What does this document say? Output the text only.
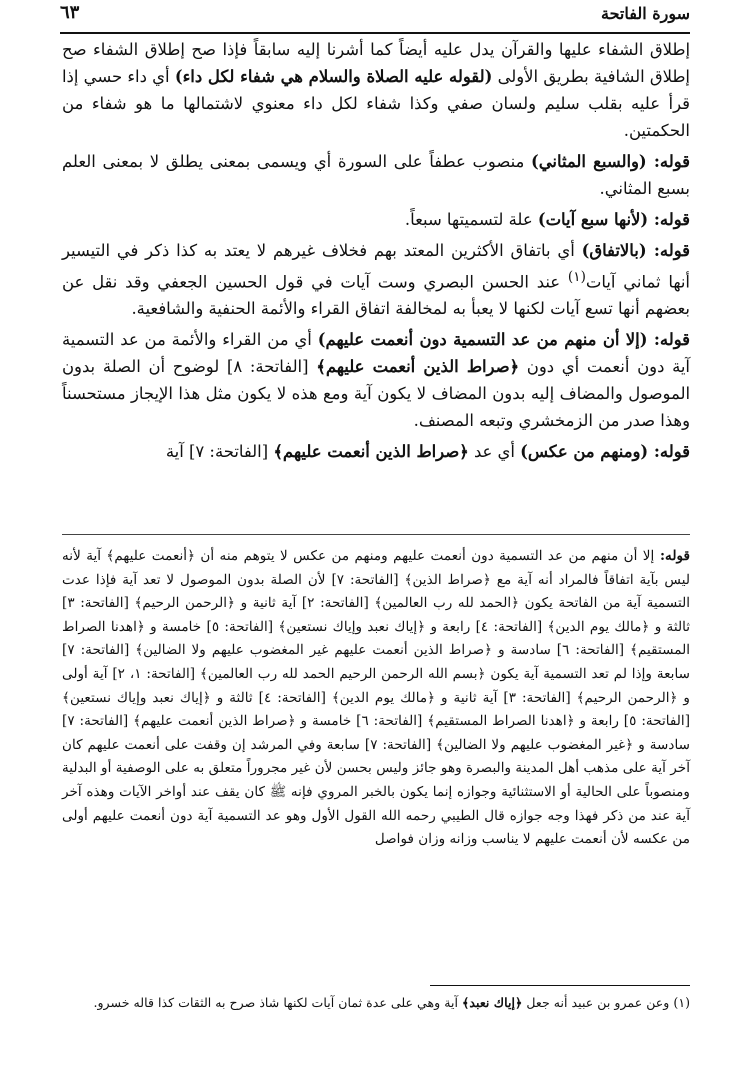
سورة الفاتحة
٦٣

إطلاق الشفاء عليها والقرآن يدل عليه أيضاً كما أشرنا إليه سابقاً فإذا صح إطلاق الشفاء صح إطلاق الشافية بطريق الأولى (لقوله عليه الصلاة والسلام هي شفاء لكل داء) أي داء حسي إذا قرأ عليه بقلب سليم ولسان صفي وكذا شفاء لكل داء معنوي لاشتمالها ما هو شفاء من الحكمتين.

قوله: (والسبع المثاني) منصوب عطفاً على السورة أي ويسمى بمعنى يطلق لا بمعنى العلم بسبع المثاني.

قوله: (لأنها سبع آيات) علة لتسميتها سبعاً.

قوله: (بالاتفاق) أي باتفاق الأكثرين المعتد بهم فخلاف غيرهم لا يعتد به كذا ذكر في التيسير أنها ثماني آيات$^{(١)}$ عند الحسن البصري وست آيات في قول الحسين الجعفي وقد نقل عن بعضهم أنها تسع آيات لكنها لا يعبأ به لمخالفة اتفاق القراء والأئمة الحنفية والشافعية.

قوله: (إلا أن منهم من عد التسمية دون أنعمت عليهم) أي من القراء والأئمة من عد التسمية آية دون أنعمت أي دون ﴿صراط الذين أنعمت عليهم﴾ [الفاتحة: ٨] لوضوح أن الصلة بدون الموصول والمضاف إليه بدون المضاف لا يكون آية ومع هذه لا يكون مثل هذا الإيجاز مستحسناً وهذا صدر من الزمخشري وتبعه المصنف.

قوله: (ومنهم من عكس) أي عد ﴿صراط الذين أنعمت عليهم﴾ [الفاتحة: ٧] آية

قوله: إلا أن منهم من عد التسمية دون أنعمت عليهم ومنهم من عكس لا يتوهم منه أن ﴿أنعمت عليهم﴾ آية لأنه ليس بآية اتفاقاً فالمراد أنه آية مع ﴿صراط الذين﴾ [الفاتحة: ٧] لأن الصلة بدون الموصول لا تعد آية فإذا عدت التسمية آية من الفاتحة يكون ﴿الحمد لله رب العالمين﴾ [الفاتحة: ٢] آية ثانية و ﴿الرحمن الرحيم﴾ [الفاتحة: ٣] ثالثة و ﴿مالك يوم الدين﴾ [الفاتحة: ٤] رابعة و ﴿إياك نعبد وإياك نستعين﴾ [الفاتحة: ٥] خامسة و ﴿اهدنا الصراط المستقيم﴾ [الفاتحة: ٦] سادسة و ﴿صراط الذين أنعمت عليهم غير المغضوب عليهم ولا الضالين﴾ [الفاتحة: ٧] سابعة وإذا لم تعد التسمية آية يكون ﴿بسم الله الرحمن الرحيم الحمد لله رب العالمين﴾ [الفاتحة: ١، ٢] آية أولى و ﴿الرحمن الرحيم﴾ [الفاتحة: ٣] آية ثانية و ﴿مالك يوم الدين﴾ [الفاتحة: ٤] ثالثة و ﴿إياك نعبد وإياك نستعين﴾ [الفاتحة: ٥] رابعة و ﴿اهدنا الصراط المستقيم﴾ [الفاتحة: ٦] خامسة و ﴿صراط الذين أنعمت عليهم﴾ [الفاتحة: ٧] سادسة و ﴿غير المغضوب عليهم ولا الضالين﴾ [الفاتحة: ٧] سابعة وفي المرشد إن وقفت على أنعمت عليهم كان آخر آية على مذهب أهل المدينة والبصرة وهو جائز وليس بحسن لأن غير مجروراً متعلق به على الوصفية أو البدلية ومنصوباً على الحالية أو الاستثنائية وجوازه إنما يكون بالخبر المروي فإنه ﷺ كان يقف عند أواخر الآيات وهذه آخر آية عند من ذكر فهذا وجه جوازه قال الطيبي رحمه الله القول الأول وهو عد التسمية آية دون أنعمت عليهم أولى من عكسه لأن أنعمت عليهم لا يناسب وزانه وزان فواصل

(١) وعن عمرو بن عبيد أنه جعل ﴿إياك نعبد﴾ آية وهي على عدة ثمان آيات لكنها شاذ صرح به الثقات كذا قاله خسرو.
